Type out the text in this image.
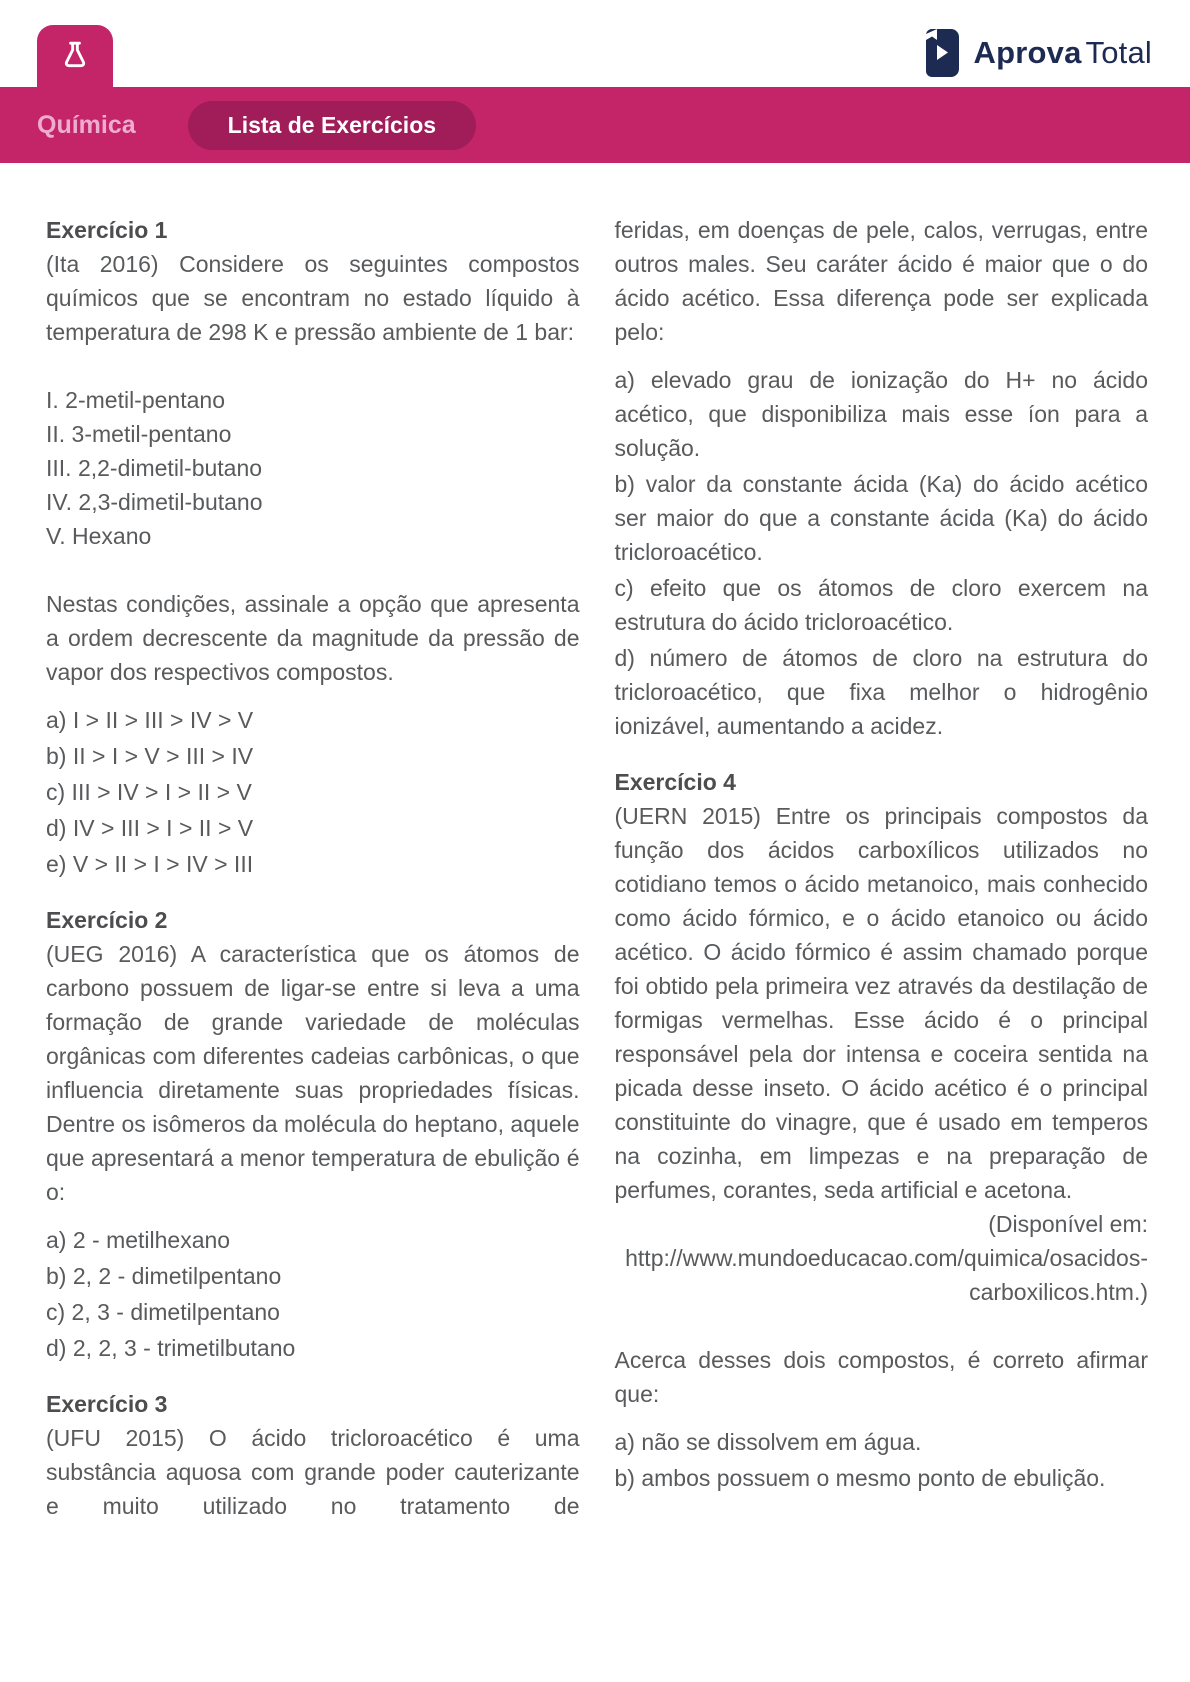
Aprova Total
Química	Lista de Exercícios
Exercício 1

(Ita 2016) Considere os seguintes compostos químicos que se encontram no estado líquido à temperatura de 298 K e pressão ambiente de 1 bar:

I. 2-metil-pentano
II. 3-metil-pentano
III. 2,2-dimetil-butano
IV. 2,3-dimetil-butano
V. Hexano

Nestas condições, assinale a opção que apresenta a ordem decrescente da magnitude da pressão de vapor dos respectivos compostos.

a) I > II > III > IV > V
b) II > I > V > III > IV
c) III > IV > I > II > V
d) IV > III > I > II > V
e) V > II > I > IV > III
Exercício 2

(UEG 2016) A característica que os átomos de carbono possuem de ligar-se entre si leva a uma formação de grande variedade de moléculas orgânicas com diferentes cadeias carbônicas, o que influencia diretamente suas propriedades físicas. Dentre os isômeros da molécula do heptano, aquele que apresentará a menor temperatura de ebulição é o:

a) 2 - metilhexano
b) 2, 2 - dimetilpentano
c) 2, 3 - dimetilpentano
d) 2, 2, 3 - trimetilbutano
Exercício 3

(UFU 2015) O ácido tricloroacético é uma substância aquosa com grande poder cauterizante e muito utilizado no tratamento de

feridas, em doenças de pele, calos, verrugas, entre outros males. Seu caráter ácido é maior que o do ácido acético. Essa diferença pode ser explicada pelo:

a) elevado grau de ionização do H+ no ácido acético, que disponibiliza mais esse íon para a solução.
b) valor da constante ácida (Ka) do ácido acético ser maior do que a constante ácida (Ka) do ácido tricloroacético.
c) efeito que os átomos de cloro exercem na estrutura do ácido tricloroacético.
d) número de átomos de cloro na estrutura do tricloroacético, que fixa melhor o hidrogênio ionizável, aumentando a acidez.
Exercício 4

(UERN 2015) Entre os principais compostos da função dos ácidos carboxílicos utilizados no cotidiano temos o ácido metanoico, mais conhecido como ácido fórmico, e o ácido etanoico ou ácido acético. O ácido fórmico é assim chamado porque foi obtido pela primeira vez através da destilação de formigas vermelhas. Esse ácido é o principal responsável pela dor intensa e coceira sentida na picada desse inseto. O ácido acético é o principal constituinte do vinagre, que é usado em temperos na cozinha, em limpezas e na preparação de perfumes, corantes, seda artificial e acetona.

(Disponível em:
http://www.mundoeducacao.com/quimica/osacidos-
carboxilicos.htm.)

Acerca desses dois compostos, é correto afirmar que:

a) não se dissolvem em água.
b) ambos possuem o mesmo ponto de ebulição.
